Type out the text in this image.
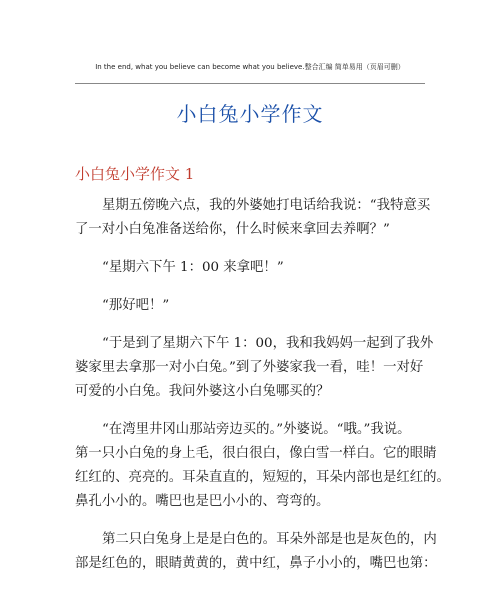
In the end, what you believe can become what you believe.整合汇编 简单易用（页眉可删）
小白兔小学作文
小白兔小学作文 1

星期五傍晚六点，我的外婆她打电话给我说：“我特意买
了一对小白兔准备送给你，什么时候来拿回去养啊？”

“星期六下午 1：00 来拿吧！”

“那好吧！”

“于是到了星期六下午 1：00，我和我妈妈一起到了我外
婆家里去拿那一对小白兔。”到了外婆家我一看，哇！一对好
可爱的小白兔。我问外婆这小白兔哪买的？

“在湾里井冈山那站旁边买的。”外婆说。“哦。”我说。
第一只小白兔的身上毛，很白很白，像白雪一样白。它的眼睛
红红的、亮亮的。耳朵直直的，短短的，耳朵内部也是红红的。
鼻孔小小的。嘴巴也是巴小小的、弯弯的。

第二只白兔身上是是白色的。耳朵外部是也是灰色的，内
部是红色的，眼睛黄黄的，黄中红，鼻子小小的，嘴巴也第：
